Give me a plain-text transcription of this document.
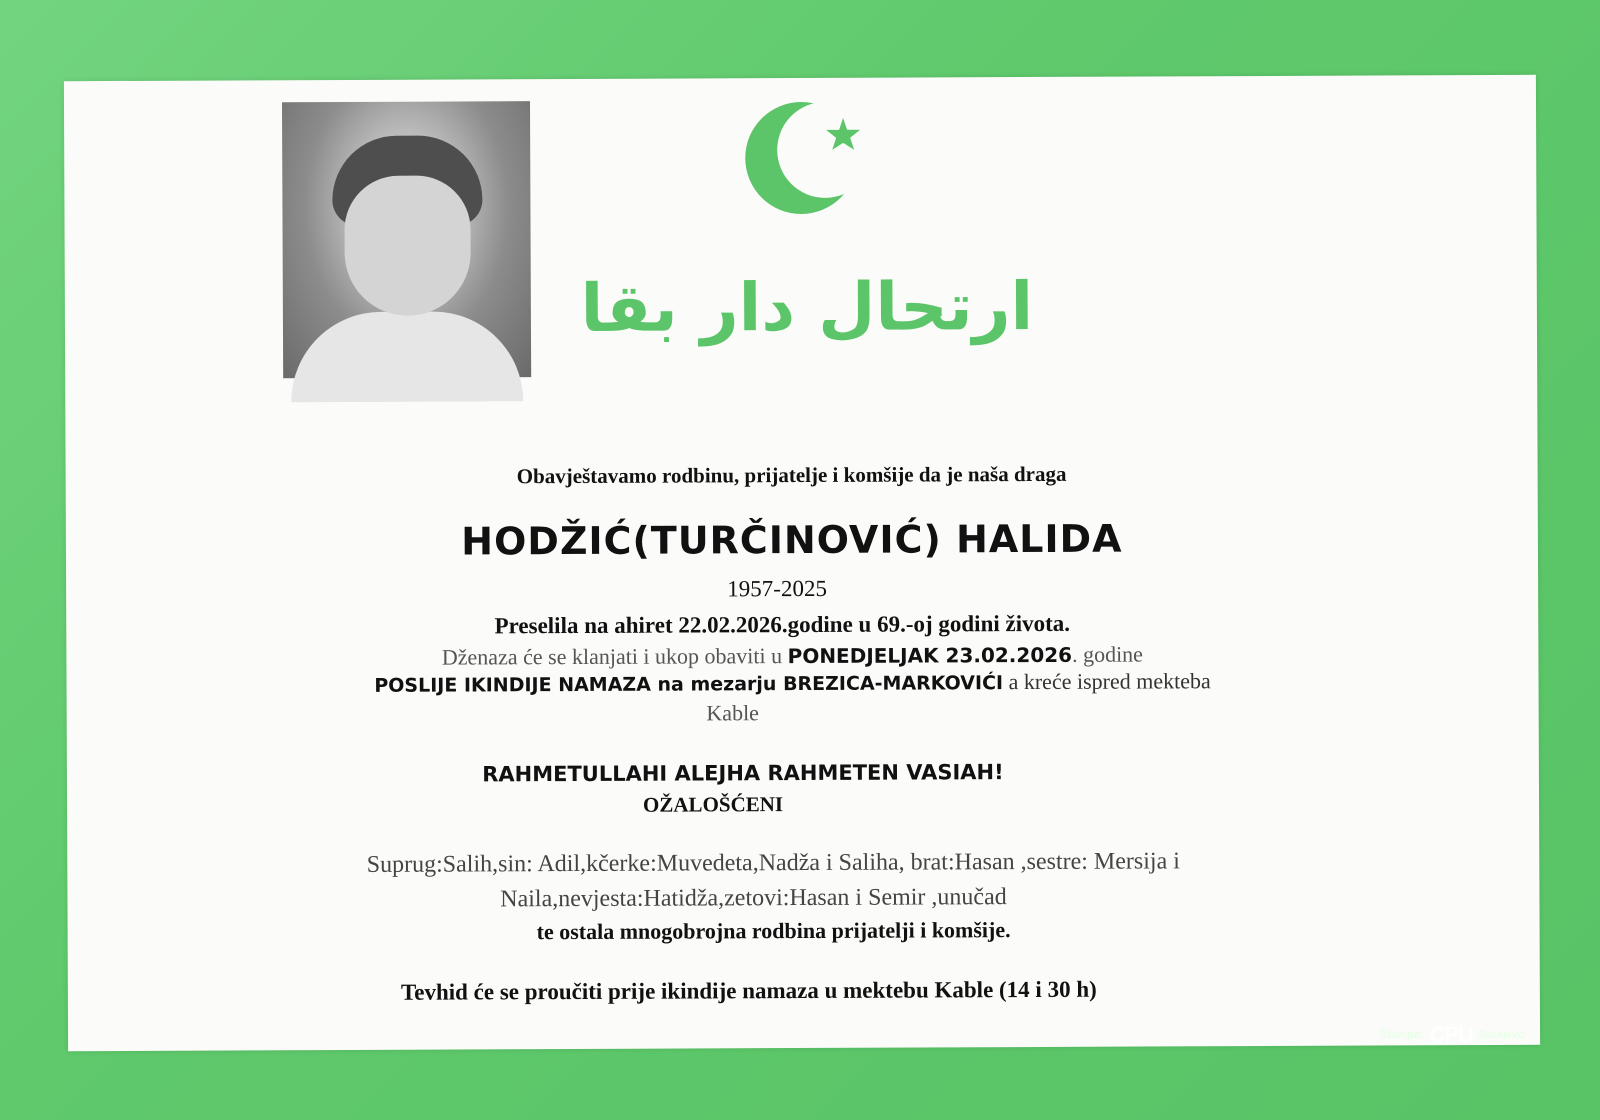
ارتحال دار بقا
Obavještavamo rodbinu, prijatelje i komšije da je naša draga
HODŽIĆ(TURČINOVIĆ) HALIDA
1957-2025
Preselila na ahiret 22.02.2026.godine u 69.-oj godini života.
Dženaza će se klanjati i ukop obaviti u PONEDJELJAK 23.02.2026. godine
POSLIJE IKINDIJE NAMAZA na mezarju BREZICA-MARKOVIĆI a kreće ispred mekteba
Kable
RAHMETULLAHI ALEJHA RAHMETEN VASIAH!
OŽALOŠĆENI
Suprug:Salih,sin: Adil,kčerke:Muvedeta,Nadža i Saliha, brat:Hasan ,sestre: Mersija i
Naila,nevjesta:Hatidža,zetovi:Hasan i Semir ,unučad
te ostala mnogobrojna rodbina prijatelji i komšije.
Tevhid će se proučiti prije ikindije namaza u mektebu Kable (14 i 30 h)
Štampa: CPU Sarajevo
